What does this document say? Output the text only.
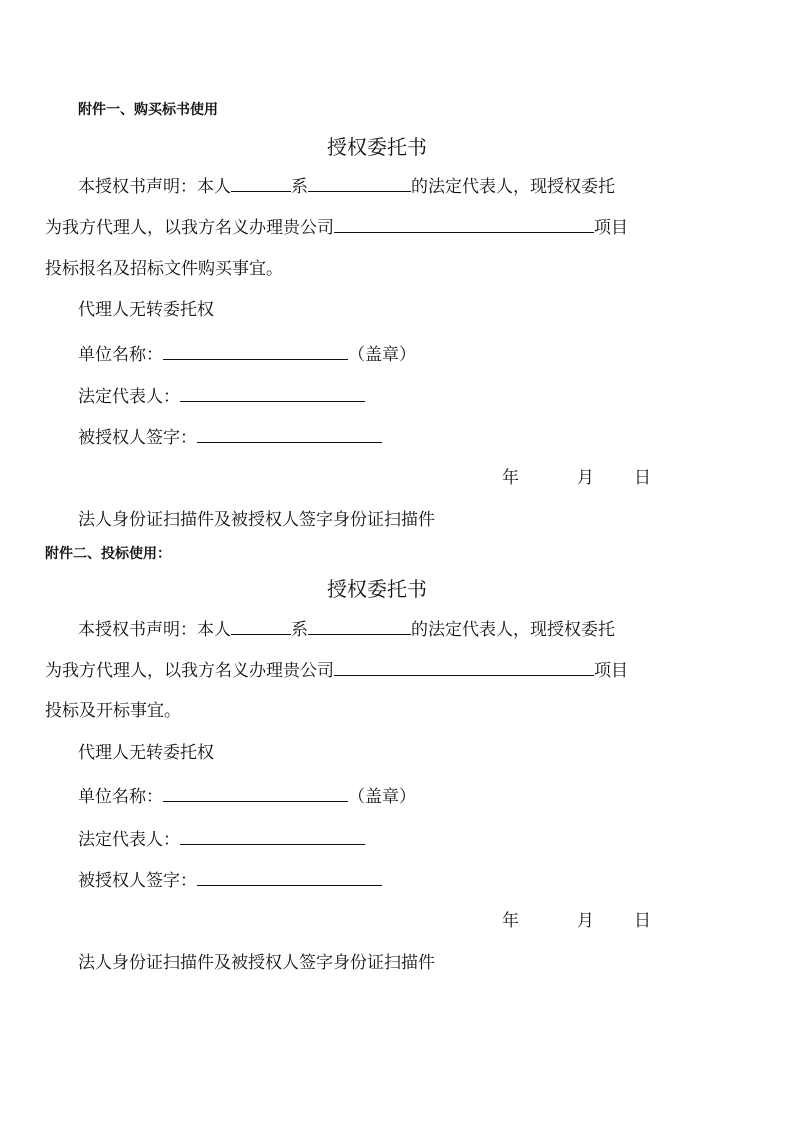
附件一、购买标书使用
授权委托书
本授权书声明：本人	系	的法定代表人，现授权委托
为我方代理人，以我方名义办理贵公司	项目
投标报名及招标文件购买事宜。
代理人无转委托权
单位名称：	（盖章）
法定代表人：
被授权人签字：
年	月 日
法人身份证扫描件及被授权人签字身份证扫描件
附件二、投标使用：
授权委托书
本授权书声明：本人	系	的法定代表人，现授权委托
为我方代理人，以我方名义办理贵公司	项目
投标及开标事宜。
代理人无转委托权
单位名称：	（盖章）
法定代表人：
被授权人签字：
年	月 日
法人身份证扫描件及被授权人签字身份证扫描件
